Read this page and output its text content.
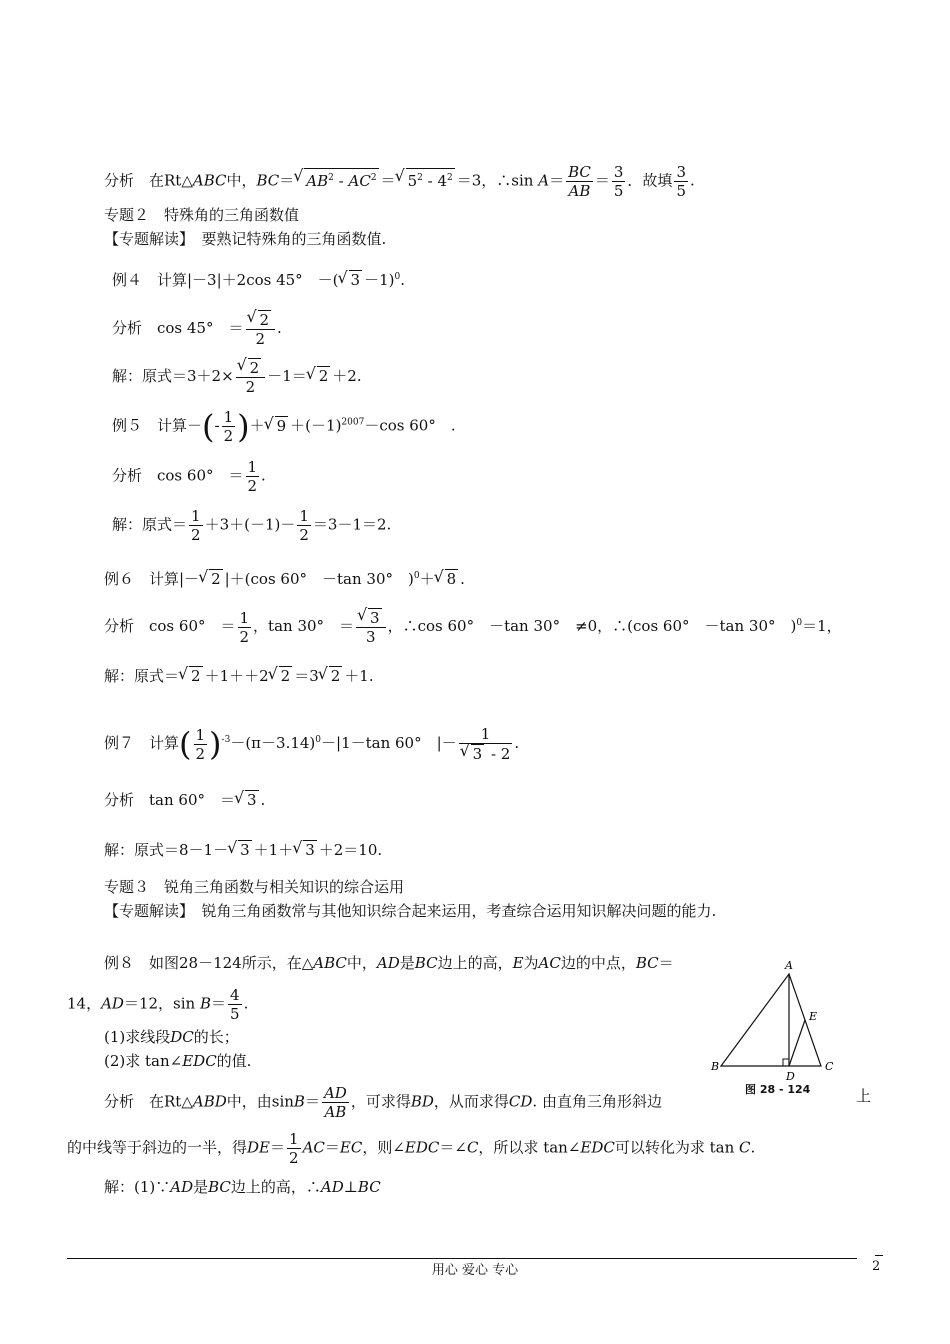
分析　在Rt△ABC中，BC＝√ $AB^2 - AC^2$ ＝√ $5^2 - 4^2 =3$，∴sin $A= \frac{BC}{AB} = \frac{3}{5}$ ．故填 $\frac{3}{5}$ .
专题２　特殊角的三角函数值
【专题解读】　要熟记特殊角的三角函数值.
例４　计算|－3|＋2cos 45°　－(√ 3 －1)$^0$.
分析　cos 45°　＝
√ $\frac{2}{2}$ .
解：原式＝3＋2×
√ $\frac{2}{2} -1=√$ 2 ＋2.
例５　计算－(- $\frac{1}{2}$ )＋√ $9 +(-1)^{2007}-\cos$ 60°　.
分析　cos 60°　＝ $\frac{1}{2}$ .
解：原式＝ $\frac{1}{2} +3+(-1)- \frac{1}{2} =3-1=2$.
例６　计算|－√ 2 |＋(cos 60°　－tan 30°　)$^0$＋√ 8 .
分析　cos 60°　＝ $\frac{1}{2}$ ，tan 30°　＝
√ $\frac{3}{3}$ ，∴cos 60°　－tan 30°　≠0，∴(cos 60°　－tan 30°　)$^0$＝1，
解：原式＝√ 2 ＋1＋＋2√ 2 ＝3√ 2 ＋1.
例７　计算( $\frac{1}{2} )^{-3}-(\pi-3.14)^0-|1-\tan$ 60°　|－ 1
√ 3 - 2 .
分析　tan 60°　＝√ 3 .
解：原式＝8－1－√ 3 ＋1＋√ 3 ＋2＝10.
专题３　锐角三角函数与相关知识的综合运用
【专题解读】　锐角三角函数常与其他知识综合起来运用，考查综合运用知识解决问题的能力.
例８　如图28－124所示，在△ABC中，AD是BC边上的高，E为AC边的中点，BC＝
14，AD＝12，$\sin B= \frac{4}{5}$ .
(1)求线段DC的长；
(2)求 tan∠EDC的值.
分析　在Rt△ABD中，由$\sin B= \frac{AD}{AB}$ ，可求得BD，从而求得CD. 由直角三角形斜边	上
的中线等于斜边的一半，得$DE= \frac{1}{2} AC=EC$，则∠EDC＝∠C，所以求 tan∠EDC可以转化为求 tan C.
解：(1)∵AD是BC边上的高，∴AD⊥BC
A
B	C
D
E
图 28 - 124
用心 爱心 专心	2
